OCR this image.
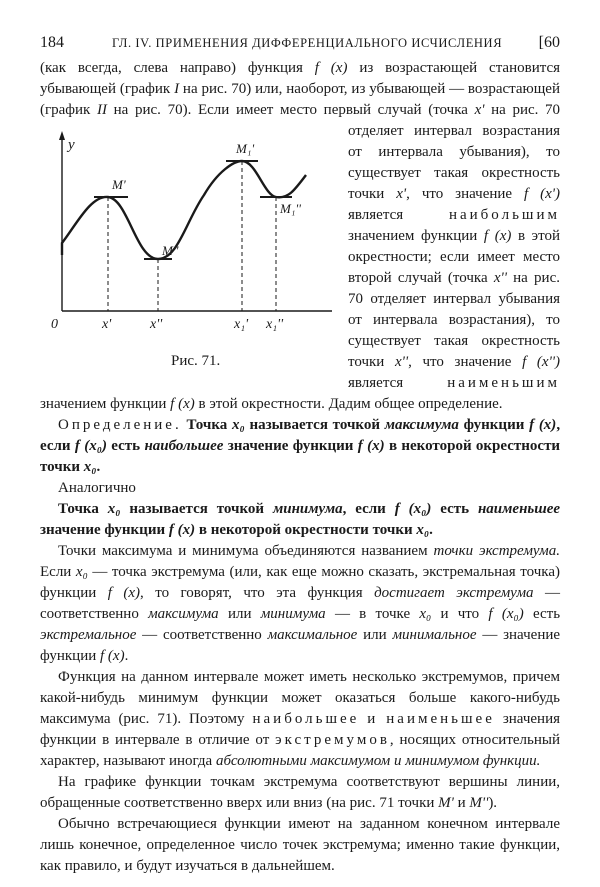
184	ГЛ. IV. ПРИМЕНЕНИЯ ДИФФЕРЕНЦИАЛЬНОГО ИСЧИСЛЕНИЯ [60

(как всегда, слева направо) функция f (x) из возрастающей становится убывающей (график I на рис. 70) или, наоборот, из убывающей — возрастающей (график II на рис. 70). Если имеет место первый случай (точка
y
0
M'
M''
M₁'
M₁''
x'	x''	x₁' x₁''
Рис. 71.
x' на рис. 70 отделяет интервал возрастания от интервала убывания), то существует такая окрестность точки x', что значение f (x') является	наибольшим значением функции f (x) в этой окрестности; если имеет место второй случай (точка x'' на рис. 70 отделяет интервал убывания от интервала возрастания), то существует такая окрестность точки x'', что значение f (x'') является	наименьшим значением функции f (x) в этой окрестности. Дадим общее определение.

Определение. Точка x₀ называется точкой максимума функции f (x), если f (x₀) есть наибольшее значение функции f (x) в некоторой окрестности точки x₀.

Аналогично

Точка x₀ называется точкой минимума, если f (x₀) есть наименьшее значение функции f (x) в некоторой окрестности точки x₀.

Точки максимума и минимума объединяются названием точки экстремума. Если x₀ — точка экстремума (или, как еще можно сказать, экстремальная точка) функции f (x), то говорят, что эта функция достигает экстремума — соответственно максимума или минимума — в точке x₀ и что f (x₀) есть экстремальное — соответственно максимальное или минимальное — значение функции f (x).

Функция на данном интервале может иметь несколько экстремумов, причем какой-нибудь минимум функции может оказаться больше какого-нибудь максимума (рис. 71). Поэтому наибольшее и наименьшее значения функции в интервале в отличие от экстремумов, носящих относительный характер, называют иногда абсолютными максимумом и минимумом функции.

На графике функции точкам экстремума соответствуют вершины линии, обращенные соответственно вверх или вниз (на рис. 71 точки M' и M'').

Обычно встречающиеся функции имеют на заданном конечном интервале лишь конечное, определенное число точек экстремума; именно такие функции, как правило, и будут изучаться в дальнейшем.
